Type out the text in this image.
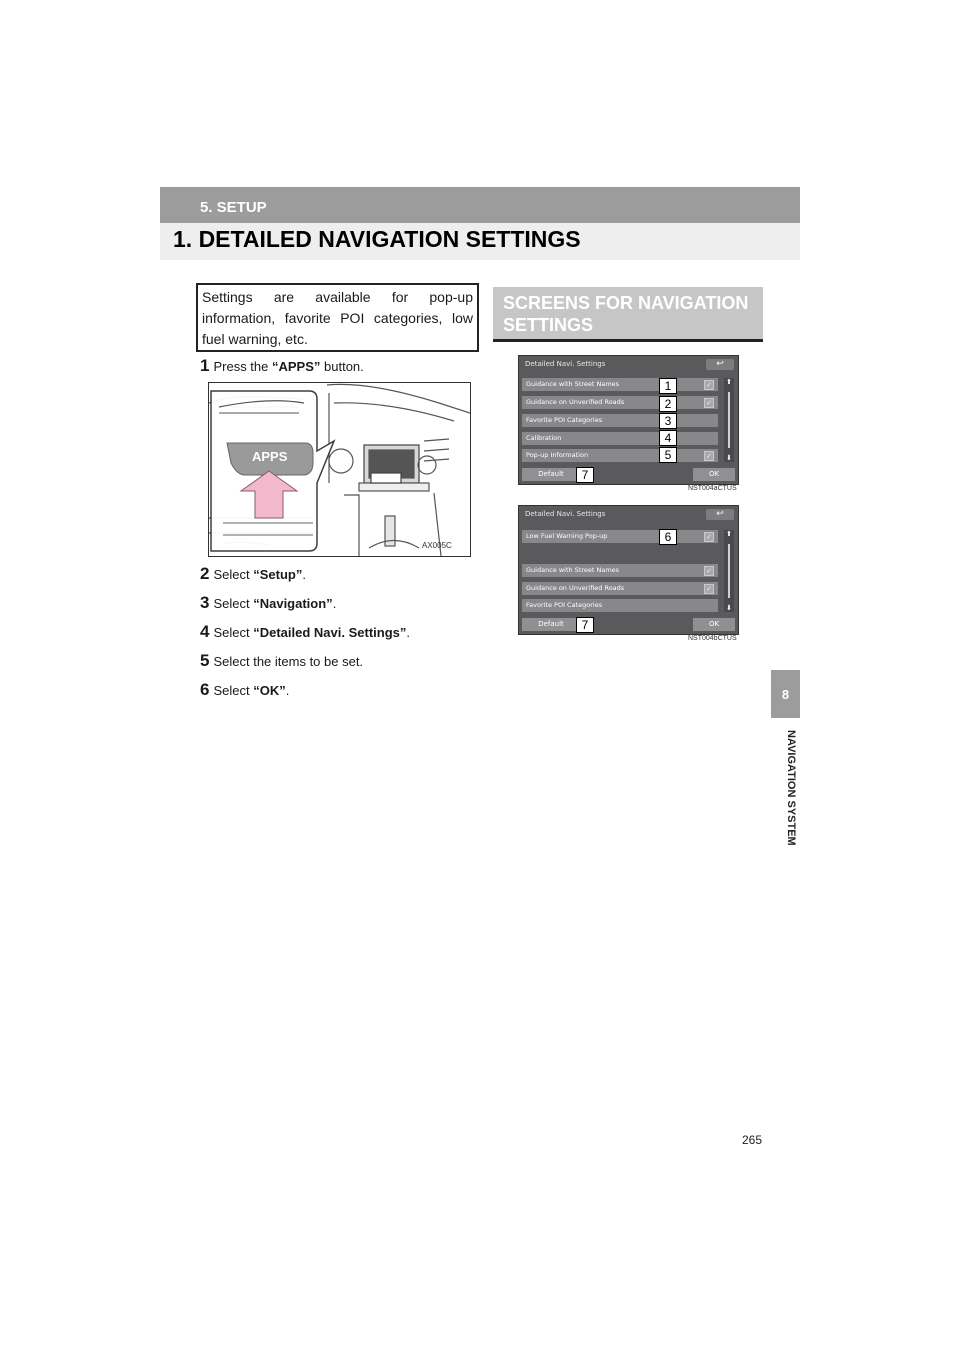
5. SETUP
1. DETAILED NAVIGATION SETTINGS
8
NAVIGATION SYSTEM
Settings are available for pop-up information, favorite POI categories, low fuel warning, etc.
1 Press the “APPS” button.
APPS
AX005C
2 Select “Setup”.
3 Select “Navigation”.
4 Select “Detailed Navi. Settings”.
5 Select the items to be set.
6 Select “OK”.
SCREENS FOR NAVIGATION
SETTINGS
Detailed Navi. Settings	↩
Guidance with Street Names	✓
Guidance on Unverified Roads	✓
Favorite POI Categories
Calibration
Pop-up Information	✓
1
2
3
4
5
⬆
⬇
Default	7	OK
NST004aCTUS
Detailed Navi. Settings	↩
Low Fuel Warning Pop-up	✓
Guidance with Street Names	✓
Guidance on Unverified Roads	✓
Favorite POI Categories
6	⬆
⬇
Default	7	OK
NST004bCTUS
265
